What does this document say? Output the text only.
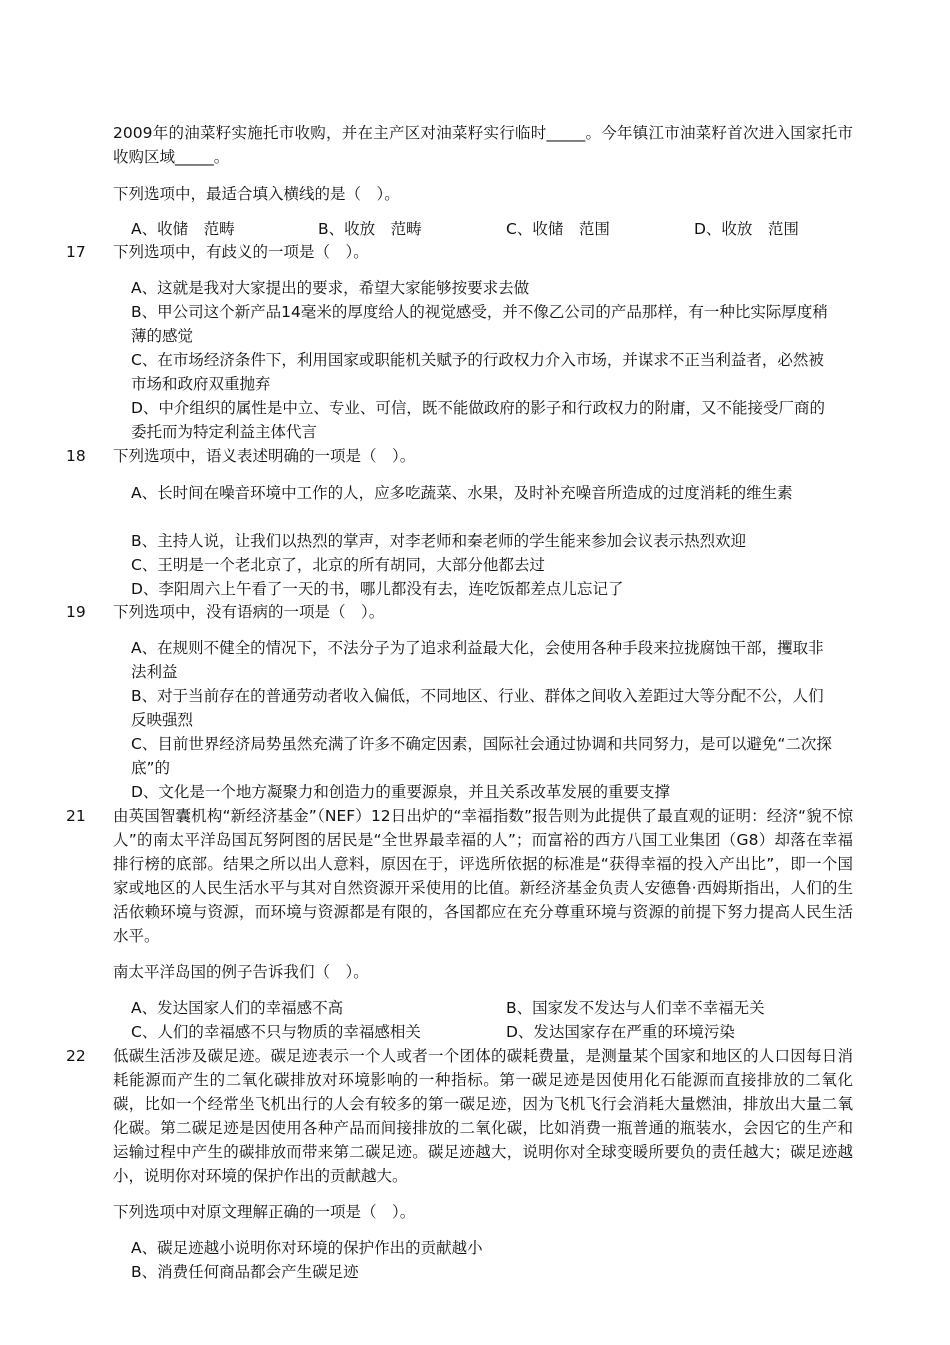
2009年的油菜籽实施托市收购，并在主产区对油菜籽实行临时_____。今年镇江市油菜籽首次进入国家托市收购区域_____。

下列选项中，最适合填入横线的是（　）。

A、收储　范畴	B、收放　范畴	C、收储　范围	D、收放　范围
17 下列选项中，有歧义的一项是（　）。

A、这就是我对大家提出的要求，希望大家能够按要求去做

B、甲公司这个新产品14毫米的厚度给人的视觉感受，并不像乙公司的产品那样，有一种比实际厚度稍薄的感觉

C、在市场经济条件下，利用国家或职能机关赋予的行政权力介入市场，并谋求不正当利益者，必然被市场和政府双重抛弃

D、中介组织的属性是中立、专业、可信，既不能做政府的影子和行政权力的附庸，又不能接受厂商的委托而为特定利益主体代言

18 下列选项中，语义表述明确的一项是（　）。

A、长时间在噪音环境中工作的人，应多吃蔬菜、水果，及时补充噪音所造成的过度消耗的维生素

B、主持人说，让我们以热烈的掌声，对李老师和秦老师的学生能来参加会议表示热烈欢迎

C、王明是一个老北京了，北京的所有胡同，大部分他都去过

D、李阳周六上午看了一天的书，哪儿都没有去，连吃饭都差点儿忘记了

19 下列选项中，没有语病的一项是（　）。

A、在规则不健全的情况下，不法分子为了追求利益最大化，会使用各种手段来拉拢腐蚀干部，攫取非法利益

B、对于当前存在的普通劳动者收入偏低，不同地区、行业、群体之间收入差距过大等分配不公，人们反映强烈

C、目前世界经济局势虽然充满了许多不确定因素，国际社会通过协调和共同努力，是可以避免“二次探底”的

D、文化是一个地方凝聚力和创造力的重要源泉，并且关系改革发展的重要支撑

21 由英国智囊机构“新经济基金”（NEF）12日出炉的“幸福指数”报告则为此提供了最直观的证明：经济“貌不惊人”的南太平洋岛国瓦努阿图的居民是“全世界最幸福的人”；而富裕的西方八国工业集团（G8）却落在幸福排行榜的底部。结果之所以出人意料，原因在于，评选所依据的标准是“获得幸福的投入产出比”，即一个国家或地区的人民生活水平与其对自然资源开采使用的比值。新经济基金负责人安德鲁·西姆斯指出，人们的生活依赖环境与资源，而环境与资源都是有限的，各国都应在充分尊重环境与资源的前提下努力提高人民生活水平。

南太平洋岛国的例子告诉我们（　）。

A、发达国家人们的幸福感不高	B、国家发不发达与人们幸不幸福无关
C、人们的幸福感不只与物质的幸福感相关	D、发达国家存在严重的环境污染
22 低碳生活涉及碳足迹。碳足迹表示一个人或者一个团体的碳耗费量，是测量某个国家和地区的人口因每日消耗能源而产生的二氧化碳排放对环境影响的一种指标。第一碳足迹是因使用化石能源而直接排放的二氧化碳，比如一个经常坐飞机出行的人会有较多的第一碳足迹，因为飞机飞行会消耗大量燃油，排放出大量二氧化碳。第二碳足迹是因使用各种产品而间接排放的二氧化碳，比如消费一瓶普通的瓶装水，会因它的生产和运输过程中产生的碳排放而带来第二碳足迹。碳足迹越大，说明你对全球变暖所要负的责任越大；碳足迹越小，说明你对环境的保护作出的贡献越大。

下列选项中对原文理解正确的一项是（　）。

A、碳足迹越小说明你对环境的保护作出的贡献越小

B、消费任何商品都会产生碳足迹
